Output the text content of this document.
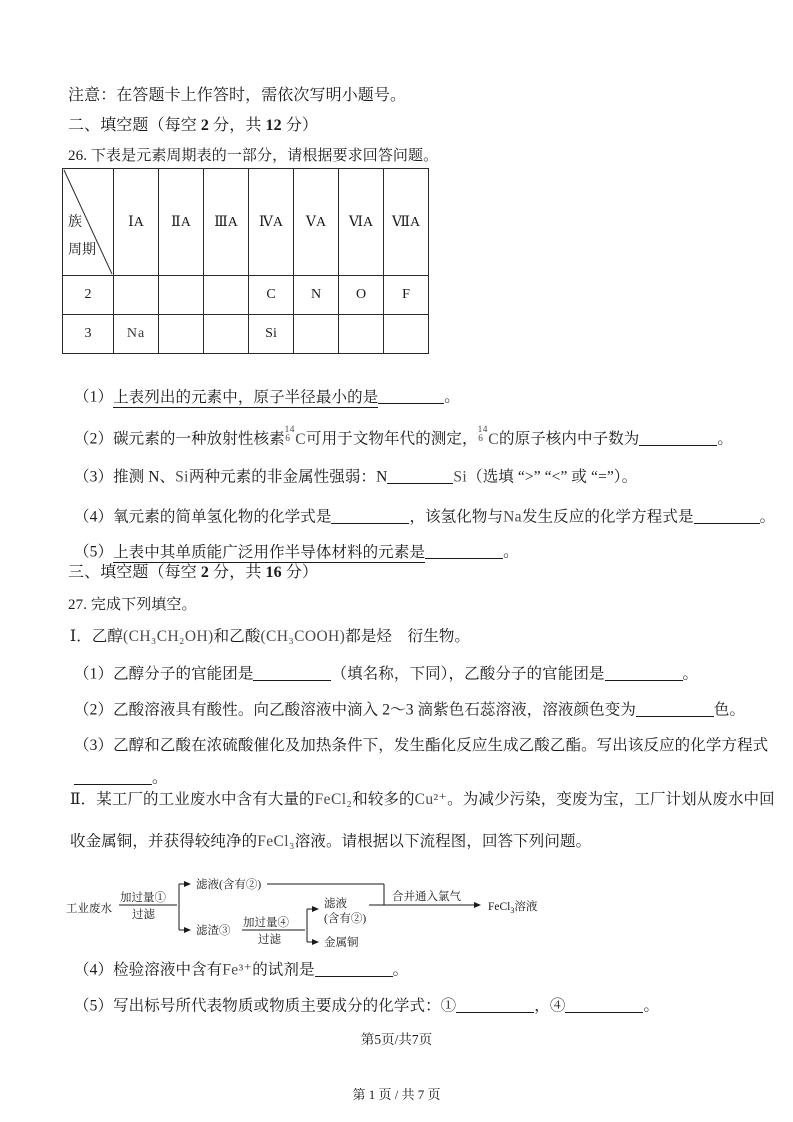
注意：在答题卡上作答时，需依次写明小题号。
二、填空题（每空 2 分，共 12 分）
26. 下表是元素周期表的一部分，请根据要求回答问题。
族
周期	ⅠA	ⅡA	ⅢA	ⅣA	ⅤA	ⅥA	ⅦA
2				C	N	O	F
3	Na			Si			
（1）上表列出的元素中，原子半径最小的是	。
（2）碳元素的一种放射性核素
14
6 C可用于文物年代的测定，
14
6 C的原子核内中子数为	。
（3）推测 N、Si两种元素的非金属性强弱：N	Si（选填 “>” “<” 或 “=”）。
（4）氧元素的简单氢化物的化学式是	，该氢化物与Na发生反应的化学方程式是	。
（5）上表中其单质能广泛用作半导体材料的元素是	。
三、填空题（每空 2 分，共 16 分）
27. 完成下列填空。
Ⅰ．乙醇(CH₃CH₂OH)和乙酸(CH₃COOH)都是烃　衍生物。
（1）乙醇分子的官能团是	（填名称，下同），乙酸分子的官能团是	。
（2）乙酸溶液具有酸性。向乙酸溶液中滴入 2～3 滴紫色石蕊溶液，溶液颜色变为	色。
（3）乙醇和乙酸在浓硫酸催化及加热条件下，发生酯化反应生成乙酸乙酯。写出该反应的化学方程式
。
Ⅱ．某工厂的工业废水中含有大量的FeCl₂和较多的Cu²⁺。为减少污染，变废为宝，工厂计划从废水中回
收金属铜，并获得较纯净的FeCl₃溶液。请根据以下流程图，回答下列问题。
工业废水
加过量①
过滤
滤液(含有②)
滤渣③
加过量④
过滤
滤液
(含有②)
金属铜
合并通入氯气
FeCl$_3$溶液
（4）检验溶液中含有Fe³⁺的试剂是	。
（5）写出标号所代表物质或物质主要成分的化学式：①	，④	。
第5页/共7页
第 1 页 / 共 7 页
